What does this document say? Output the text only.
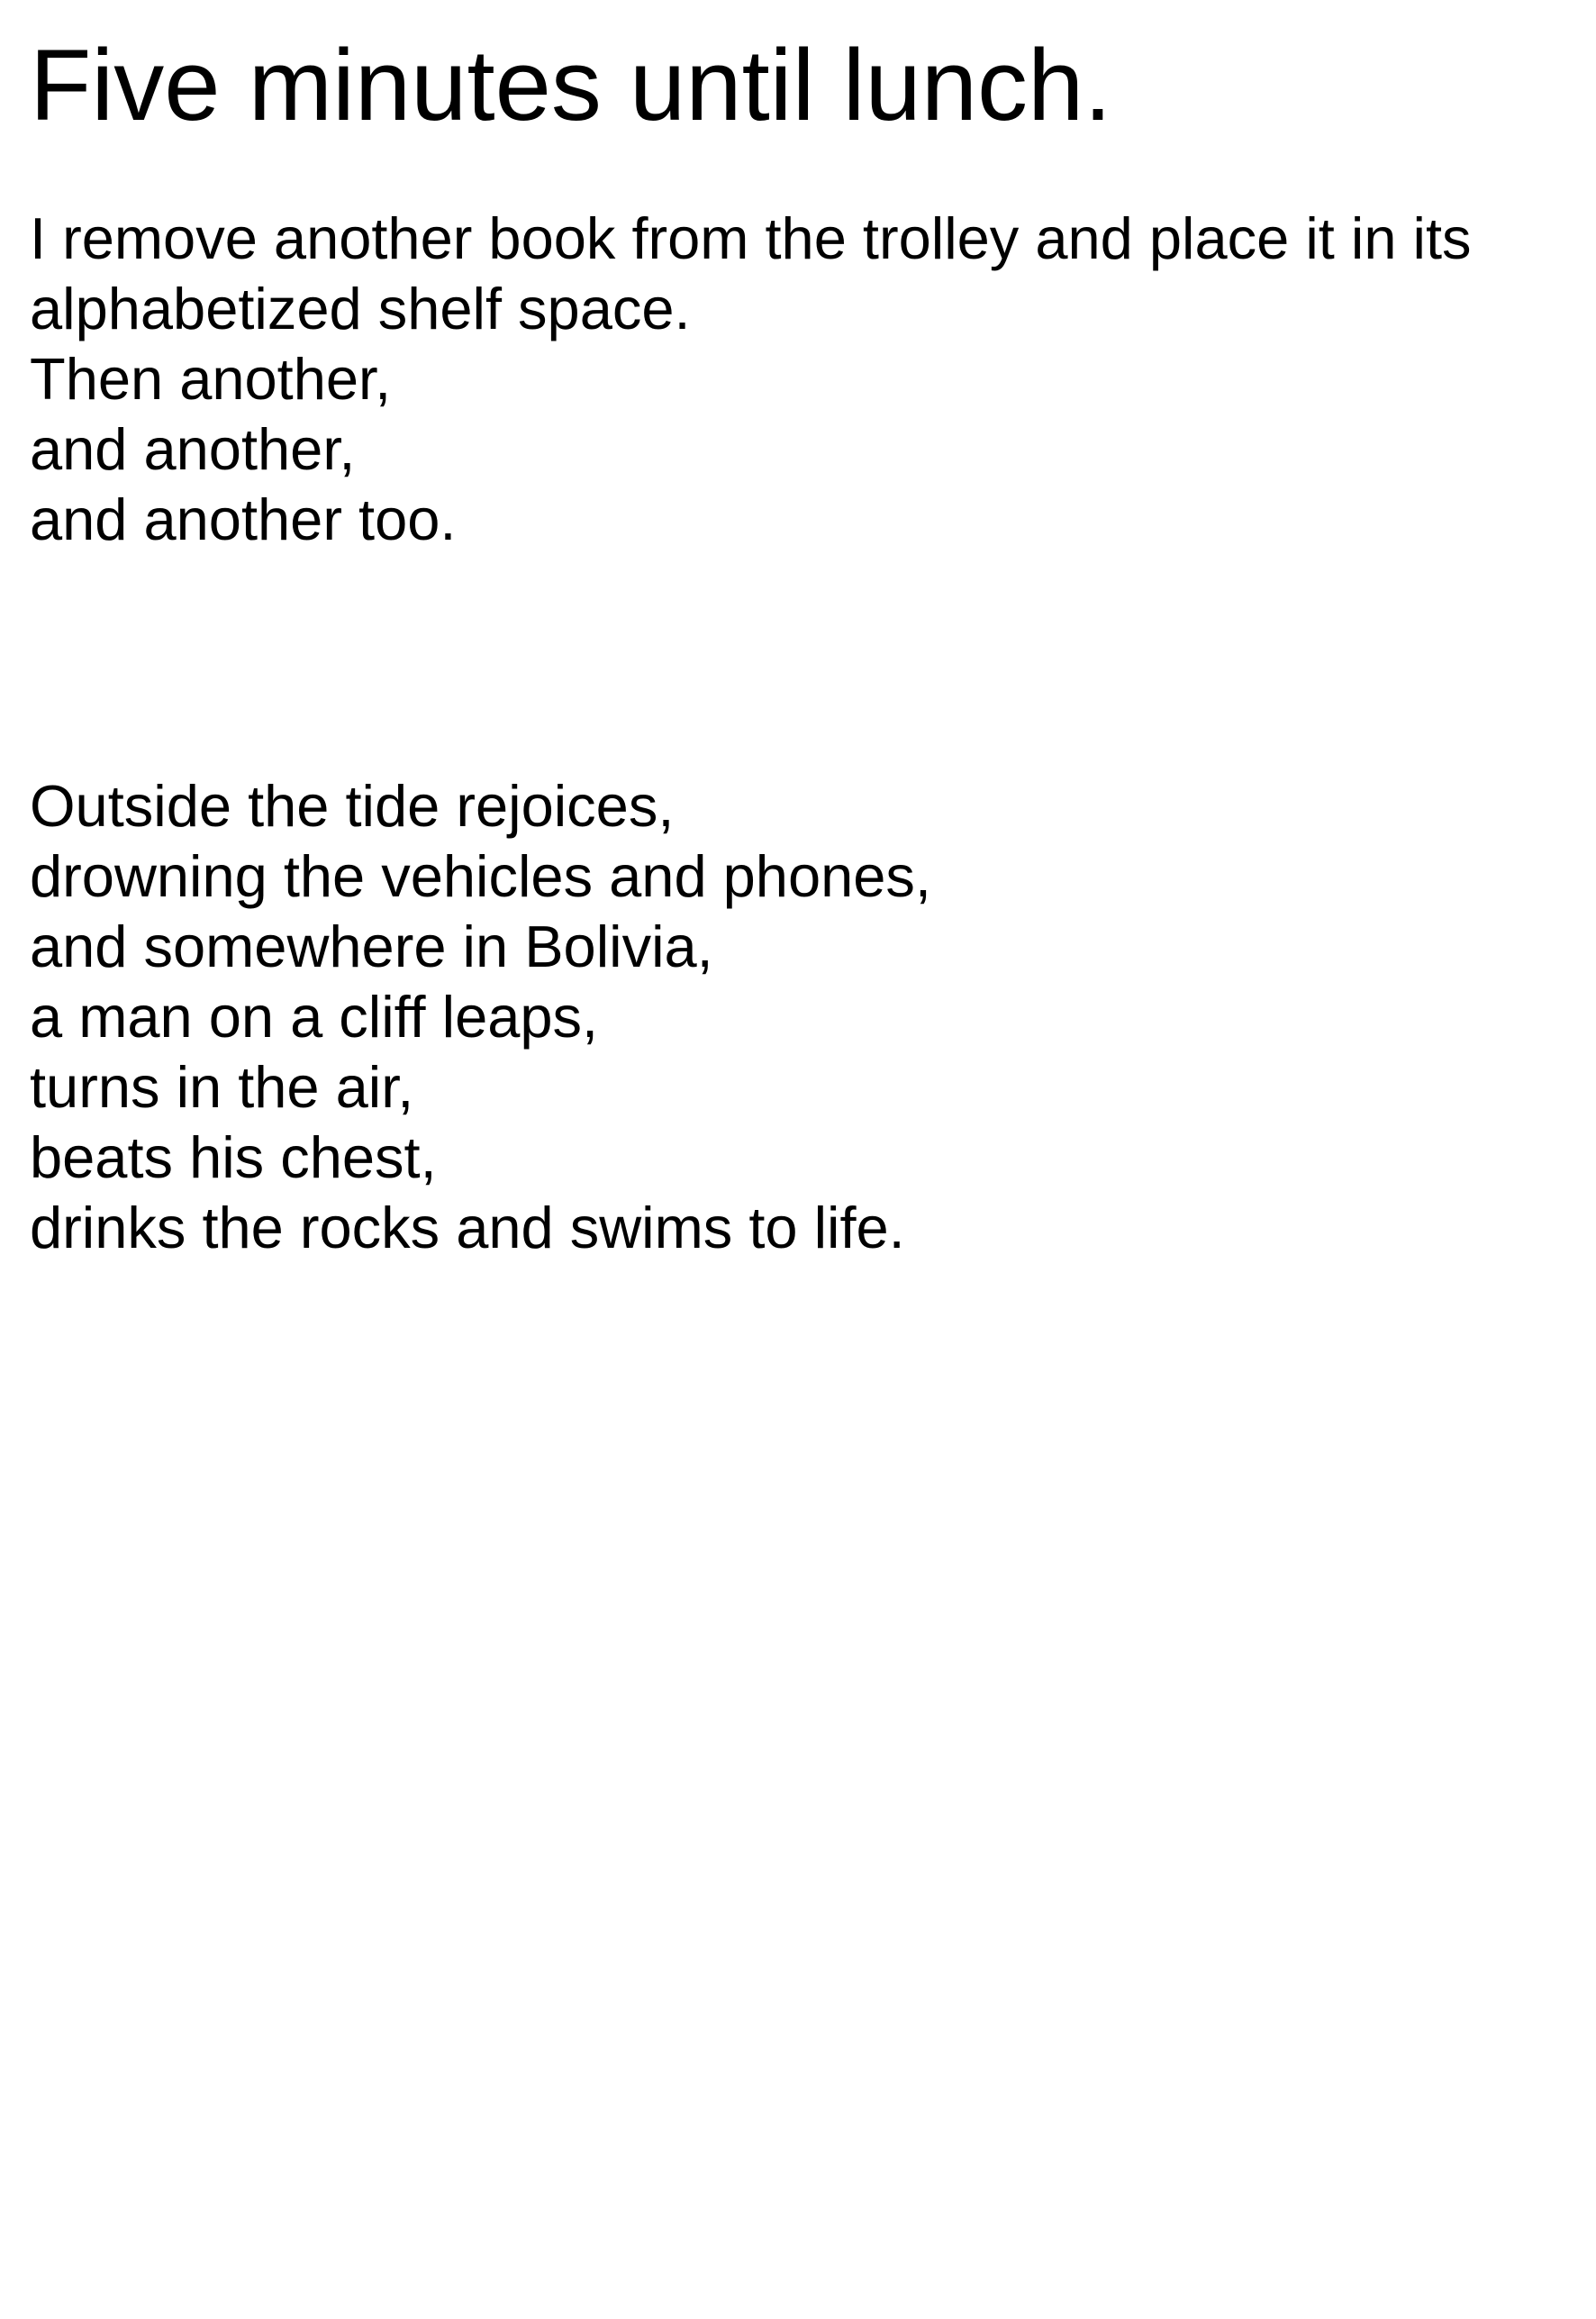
Five minutes until lunch.
I remove another book from the trolley and place it in its
alphabetized shelf space.
Then another,
and another,
and another too.
Outside the tide rejoices,
drowning the vehicles and phones,
and somewhere in Bolivia,
a man on a cliff leaps,
turns in the air,
beats his chest,
drinks the rocks and swims to life.
